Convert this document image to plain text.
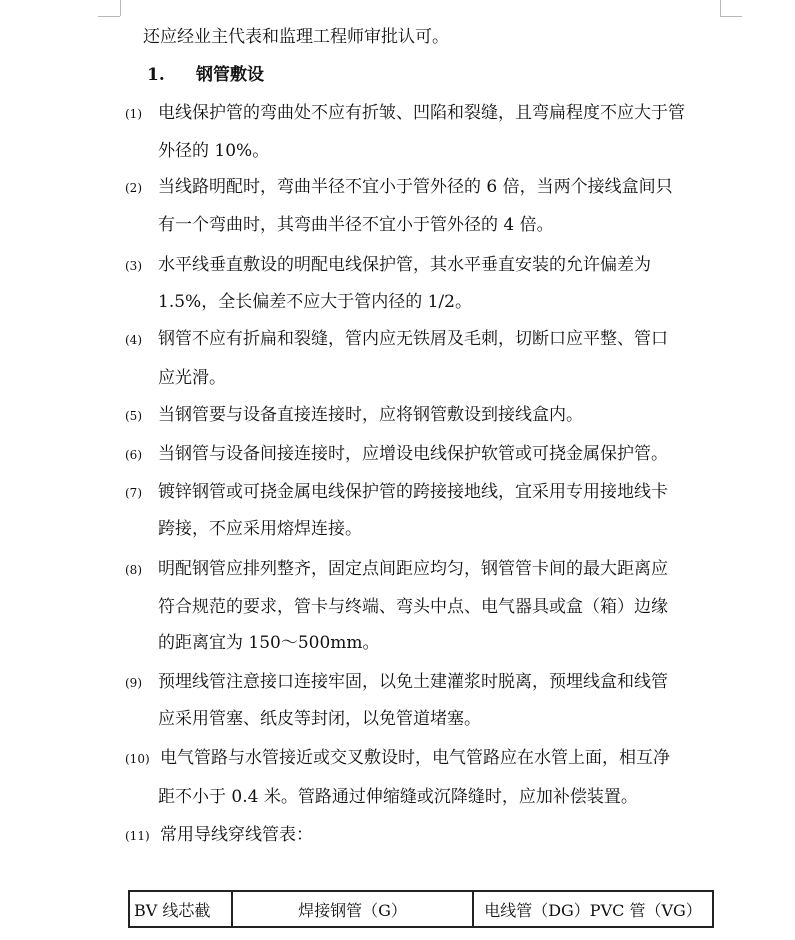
还应经业主代表和监理工程师审批认可。
1. 钢管敷设
(1) 电线保护管的弯曲处不应有折皱、凹陷和裂缝，且弯扁程度不应大于管
外径的 10%。
(2) 当线路明配时，弯曲半径不宜小于管外径的 6 倍，当两个接线盒间只
有一个弯曲时，其弯曲半径不宜小于管外径的 4 倍。
(3) 水平线垂直敷设的明配电线保护管，其水平垂直安装的允许偏差为
1.5%，全长偏差不应大于管内径的 1/2。
(4) 钢管不应有折扁和裂缝，管内应无铁屑及毛刺，切断口应平整、管口
应光滑。
(5) 当钢管要与设备直接连接时，应将钢管敷设到接线盒内。
(6) 当钢管与设备间接连接时，应增设电线保护软管或可挠金属保护管。
(7) 镀锌钢管或可挠金属电线保护管的跨接接地线，宜采用专用接地线卡
跨接，不应采用熔焊连接。
(8) 明配钢管应排列整齐，固定点间距应均匀，钢管管卡间的最大距离应
符合规范的要求，管卡与终端、弯头中点、电气器具或盒（箱）边缘
的距离宜为 150～500mm。
(9) 预埋线管注意接口连接牢固，以免土建灌浆时脱离，预埋线盒和线管
应采用管塞、纸皮等封闭，以免管道堵塞。
(10) 电气管路与水管接近或交叉敷设时，电气管路应在水管上面，相互净
距不小于 0.4 米。管路通过伸缩缝或沉降缝时，应加补偿装置。
(11) 常用导线穿线管表：
BV 线芯截	焊接钢管（G）	电线管（DG）PVC 管（VG）
